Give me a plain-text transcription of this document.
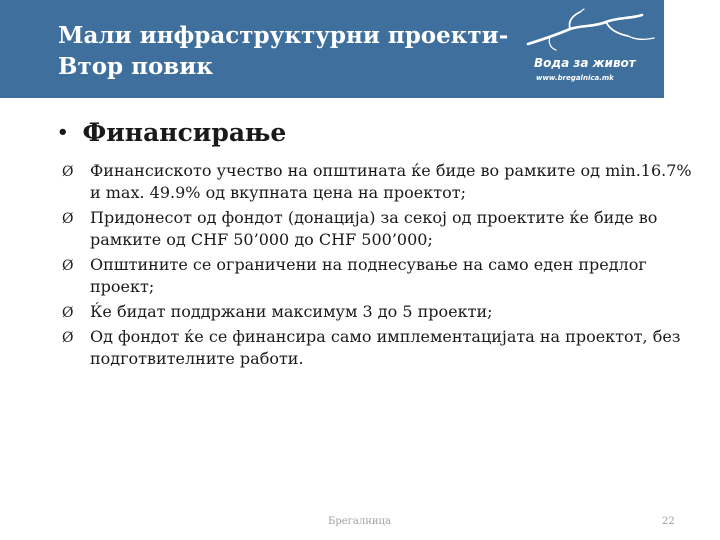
Мали инфраструктурни проекти-
Втор повик	Вода за живот
www.bregalnica.mk
• Финансирање
Ø Финансиското учество на општината ќе биде во рамките од min.16.7% и max. 49.9% од вкупната цена на проектот;
Ø Придонесот од фондот (донација) за секој од проектите ќе биде во рамките од CHF 50’000 до CHF 500’000;
Ø Општините се ограничени на поднесување на само еден предлог проект;
Ø Ќе бидат поддржани максимум 3 до 5 проекти;
Ø Од фондот ќе се финансира само имплементацијата на проектот, без подготвителните работи.
Брегалница	22
